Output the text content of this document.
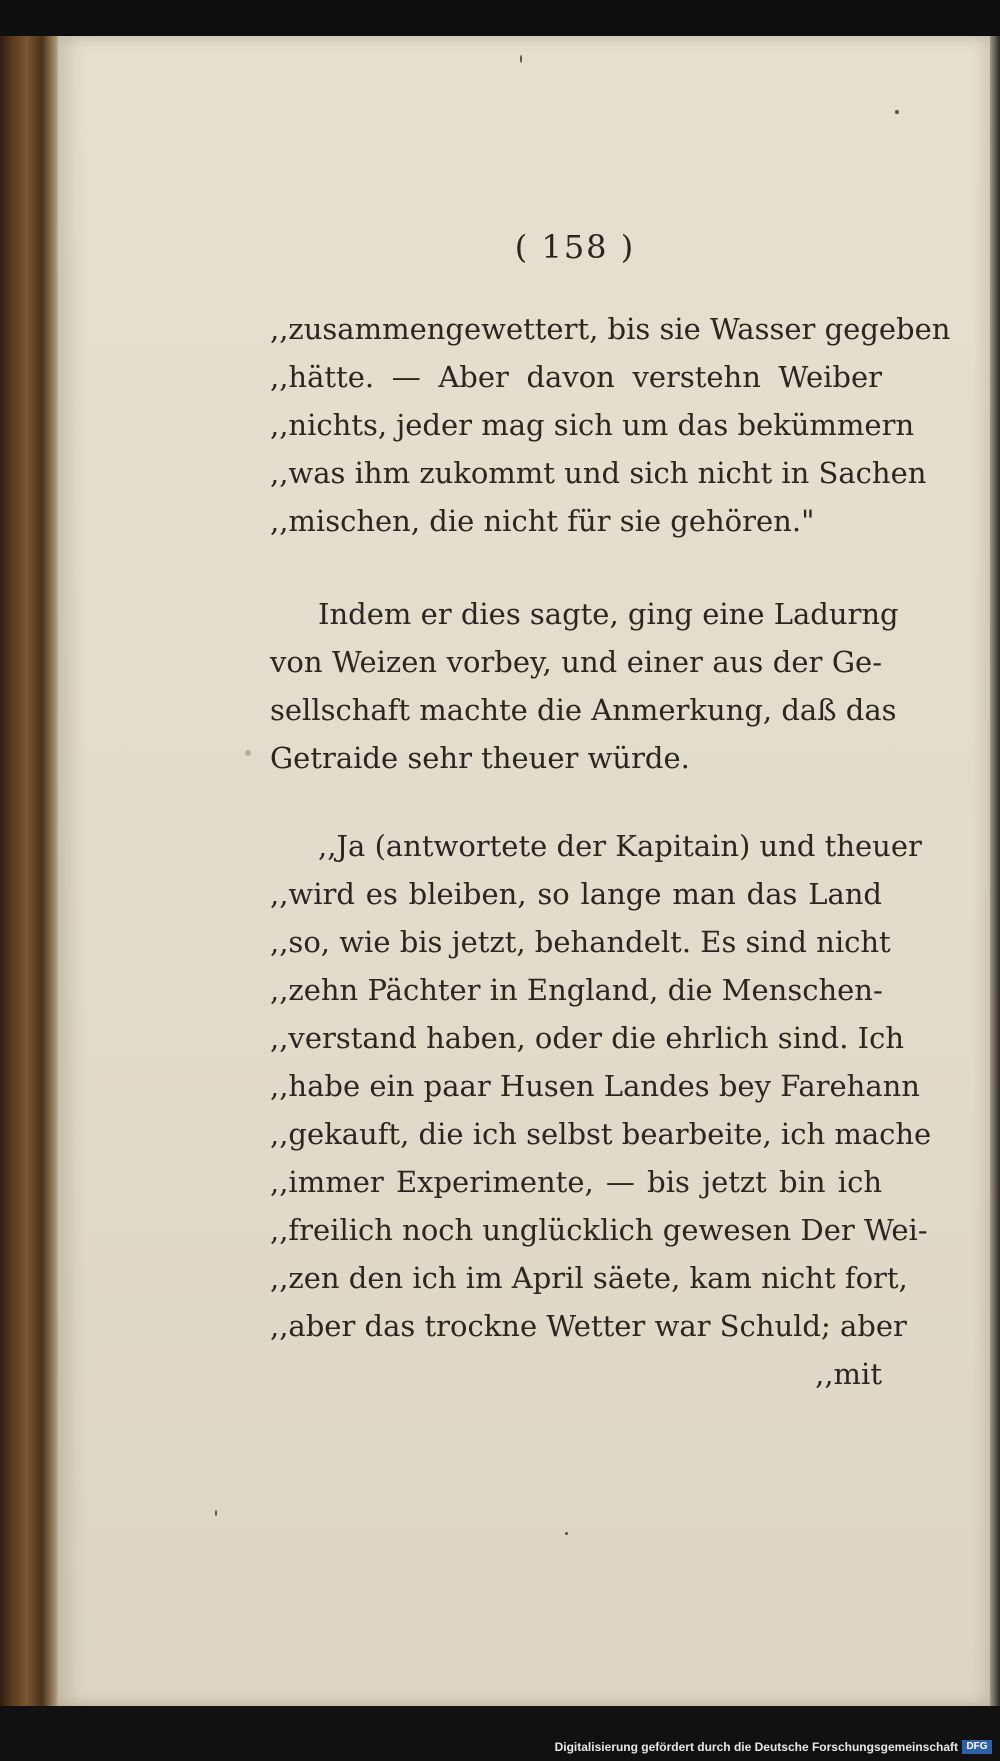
( 158 )
,,zusammengewettert, bis sie Wasser gegeben
,,hätte. — Aber davon verstehn Weiber
,,nichts, jeder mag sich um das bekümmern
,,was ihm zukommt und sich nicht in Sachen
,,mischen, die nicht für sie gehören."
Indem er dies sagte, ging eine Ladurng
von Weizen vorbey, und einer aus der Ge-
sellschaft machte die Anmerkung, daß das
Getraide sehr theuer würde.
,,Ja (antwortete der Kapitain) und theuer
,,wird es bleiben, so lange man das Land
,,so, wie bis jetzt, behandelt. Es sind nicht
,,zehn Pächter in England, die Menschen-
,,verstand haben, oder die ehrlich sind. Ich
,,habe ein paar Husen Landes bey Farehann
,,gekauft, die ich selbst bearbeite, ich mache
,,immer Experimente, — bis jetzt bin ich
,,freilich noch unglücklich gewesen Der Wei-
,,zen den ich im April säete, kam nicht fort,
,,aber das trockne Wetter war Schuld; aber
,,mit
Digitalisierung gefördert durch die Deutsche Forschungsgemeinschaft DFG
